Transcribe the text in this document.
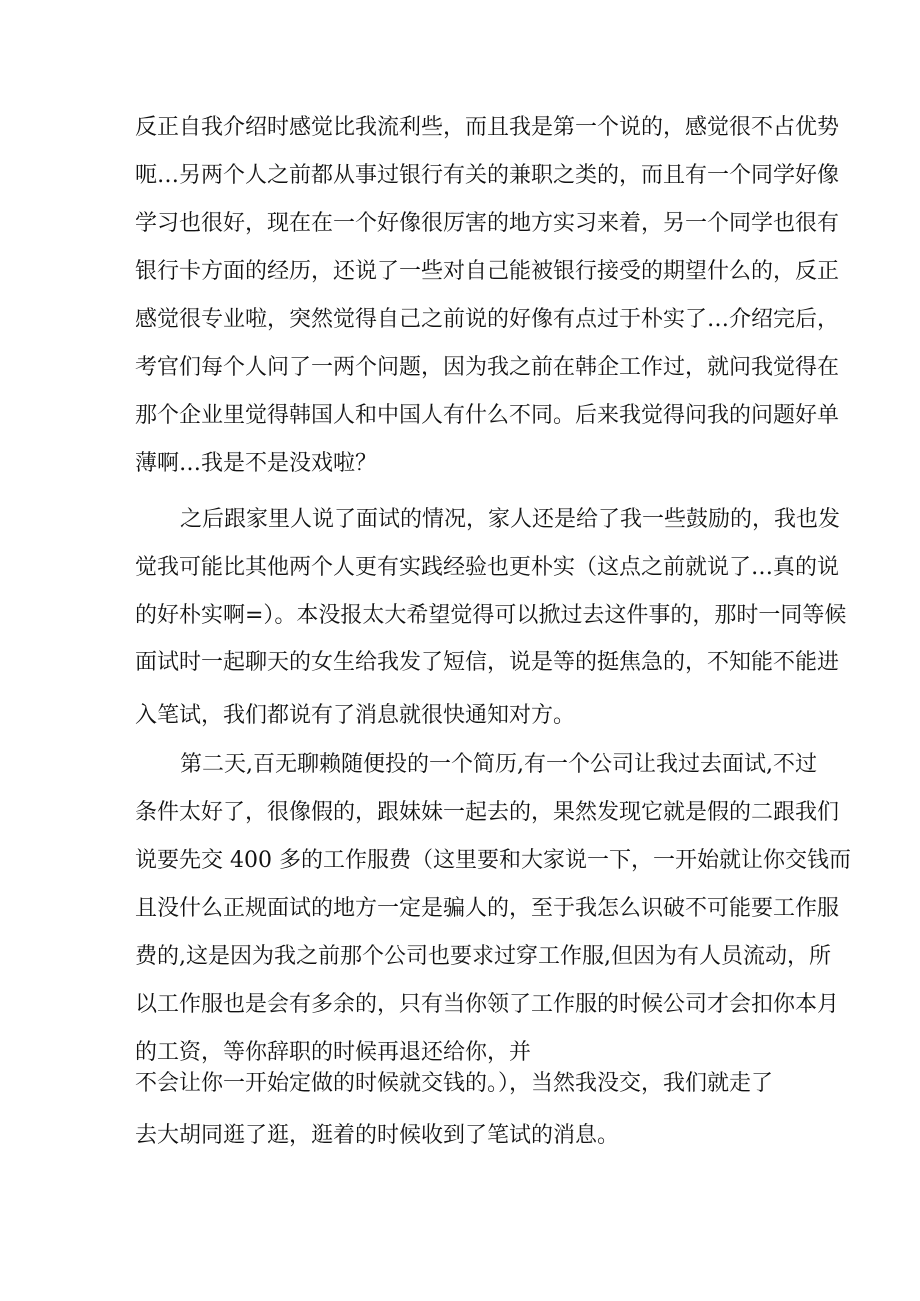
反正自我介绍时感觉比我流利些，而且我是第一个说的，感觉很不占优势
呃…另两个人之前都从事过银行有关的兼职之类的，而且有一个同学好像
学习也很好，现在在一个好像很厉害的地方实习来着，另一个同学也很有
银行卡方面的经历，还说了一些对自己能被银行接受的期望什么的，反正
感觉很专业啦，突然觉得自己之前说的好像有点过于朴实了…介绍完后，
考官们每个人问了一两个问题，因为我之前在韩企工作过，就问我觉得在
那个企业里觉得韩国人和中国人有什么不同。后来我觉得问我的问题好单
薄啊…我是不是没戏啦？
之后跟家里人说了面试的情况，家人还是给了我一些鼓励的，我也发
觉我可能比其他两个人更有实践经验也更朴实（这点之前就说了…真的说
的好朴实啊=）。本没报太大希望觉得可以掀过去这件事的，那时一同等候
面试时一起聊天的女生给我发了短信，说是等的挺焦急的，不知能不能进
入笔试，我们都说有了消息就很快通知对方。
第二天,百无聊赖随便投的一个简历,有一个公司让我过去面试,不过
条件太好了，很像假的，跟妹妹一起去的，果然发现它就是假的二跟我们
说要先交 400 多的工作服费（这里要和大家说一下，一开始就让你交钱而
且没什么正规面试的地方一定是骗人的，至于我怎么识破不可能要工作服
费的,这是因为我之前那个公司也要求过穿工作服,但因为有人员流动，所
以工作服也是会有多余的，只有当你领了工作服的时候公司才会扣你本月
的工资，等你辞职的时候再退还给你，并
不会让你一开始定做的时候就交钱的。），当然我没交，我们就走了
去大胡同逛了逛，逛着的时候收到了笔试的消息。
